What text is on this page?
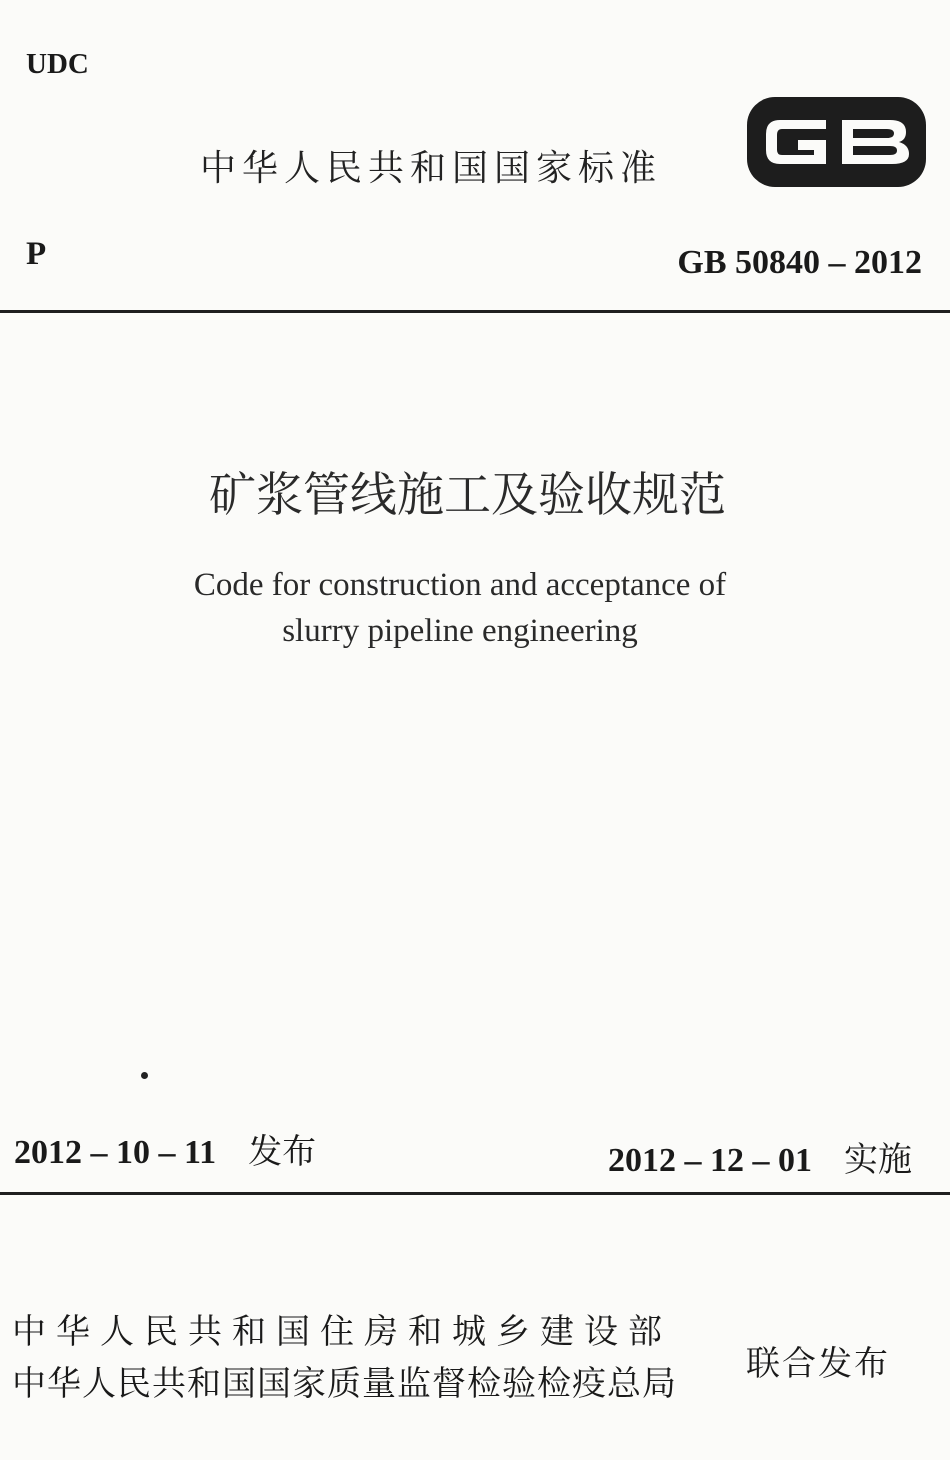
UDC
中华人民共和国国家标准
P	GB 50840 – 2012
矿浆管线施工及验收规范
Code for construction and acceptance of
slurry pipeline engineering
2012 – 10 – 11 发布	2012 – 12 – 01 实施
中华人民共和国住房和城乡建设部
中华人民共和国国家质量监督检验检疫总局 联合发布
